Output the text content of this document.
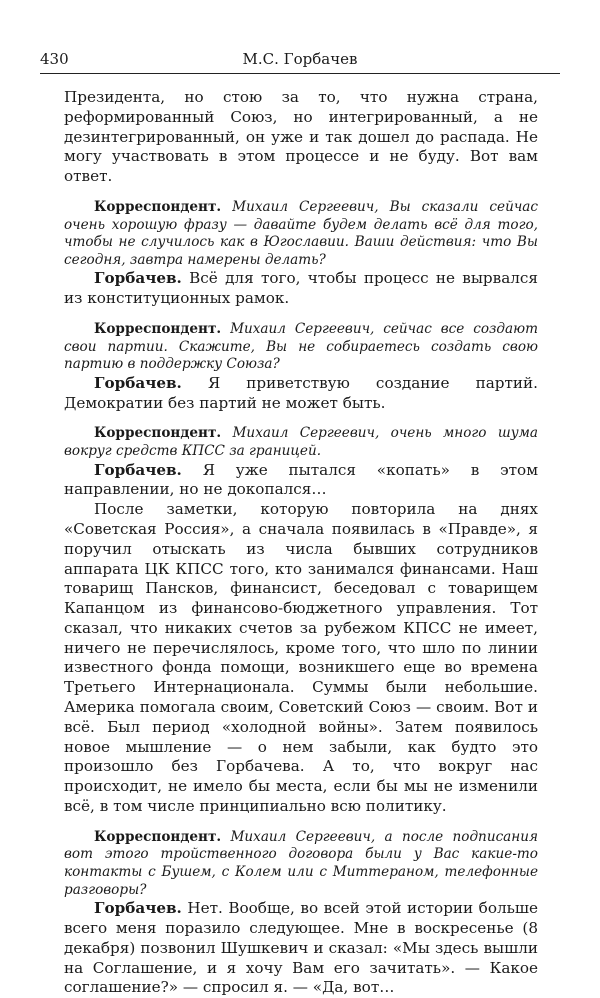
430	М.С. Горбачев

Президента, но стою за то, что нужна страна, реформированный Союз, но интегрированный, а не дезинтегрированный, он уже и так дошел до распада. Не могу участвовать в этом процессе и не буду. Вот вам ответ.

Корреспондент. Михаил Сергеевич, Вы сказали сейчас очень хорошую фразу — давайте будем делать всё для того, чтобы не случилось как в Югославии. Ваши действия: что Вы сегодня, завтра намерены делать?

Горбачев. Всё для того, чтобы процесс не вырвался из конституционных рамок.

Корреспондент. Михаил Сергеевич, сейчас все создают свои партии. Скажите, Вы не собираетесь создать свою партию в поддержку Союза?

Горбачев. Я приветствую создание партий. Демократии без партий не может быть.

Корреспондент. Михаил Сергеевич, очень много шума вокруг средств КПСС за границей.

Горбачев. Я уже пытался «копать» в этом направлении, но не докопался…

После заметки, которую повторила на днях «Советская Россия», а сначала появилась в «Правде», я поручил отыскать из числа бывших сотрудников аппарата ЦК КПСС того, кто занимался финансами. Наш товарищ Пансков, финансист, беседовал с товарищем Капанцом из финансово-бюджетного управления. Тот сказал, что никаких счетов за рубежом КПСС не имеет, ничего не перечислялось, кроме того, что шло по линии известного фонда помощи, возникшего еще во времена Третьего Интернационала. Суммы были небольшие. Америка помогала своим, Советский Союз — своим. Вот и всё. Был период «холодной войны». Затем появилось новое мышление — о нем забыли, как будто это произошло без Горбачева. А то, что вокруг нас происходит, не имело бы места, если бы мы не изменили всё, в том числе принципиально всю политику.

Корреспондент. Михаил Сергеевич, а после подписания вот этого тройственного договора были у Вас какие-то контакты с Бушем, с Колем или с Миттераном, телефонные разговоры?

Горбачев. Нет. Вообще, во всей этой истории больше всего меня поразило следующее. Мне в воскресенье (8 декабря) позвонил Шушкевич и сказал: «Мы здесь вышли на Соглашение, и я хочу Вам его зачитать». — Какое соглашение?» — спросил я. — «Да, вот…
